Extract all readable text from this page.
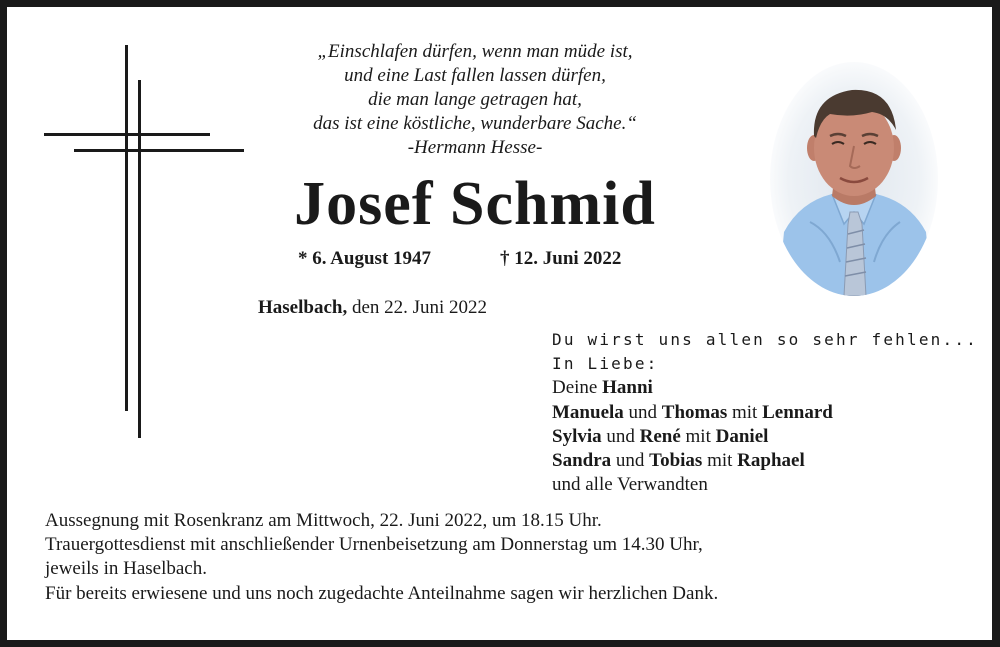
„Einschlafen dürfen, wenn man müde ist,
und eine Last fallen lassen dürfen,
die man lange getragen hat,
das ist eine köstliche, wunderbare Sache.“
-Hermann Hesse-
Josef Schmid
* 6. August 1947	† 12. Juni 2022
Haselbach, den 22. Juni 2022
Du wirst uns allen so sehr fehlen...
In Liebe:
Deine Hanni
Manuela und Thomas mit Lennard
Sylvia und René mit Daniel
Sandra und Tobias mit Raphael
und alle Verwandten
Aussegnung mit Rosenkranz am Mittwoch, 22. Juni 2022, um 18.15 Uhr.
Trauergottesdienst mit anschließender Urnenbeisetzung am Donnerstag um 14.30 Uhr,
jeweils in Haselbach.
Für bereits erwiesene und uns noch zugedachte Anteilnahme sagen wir herzlichen Dank.
